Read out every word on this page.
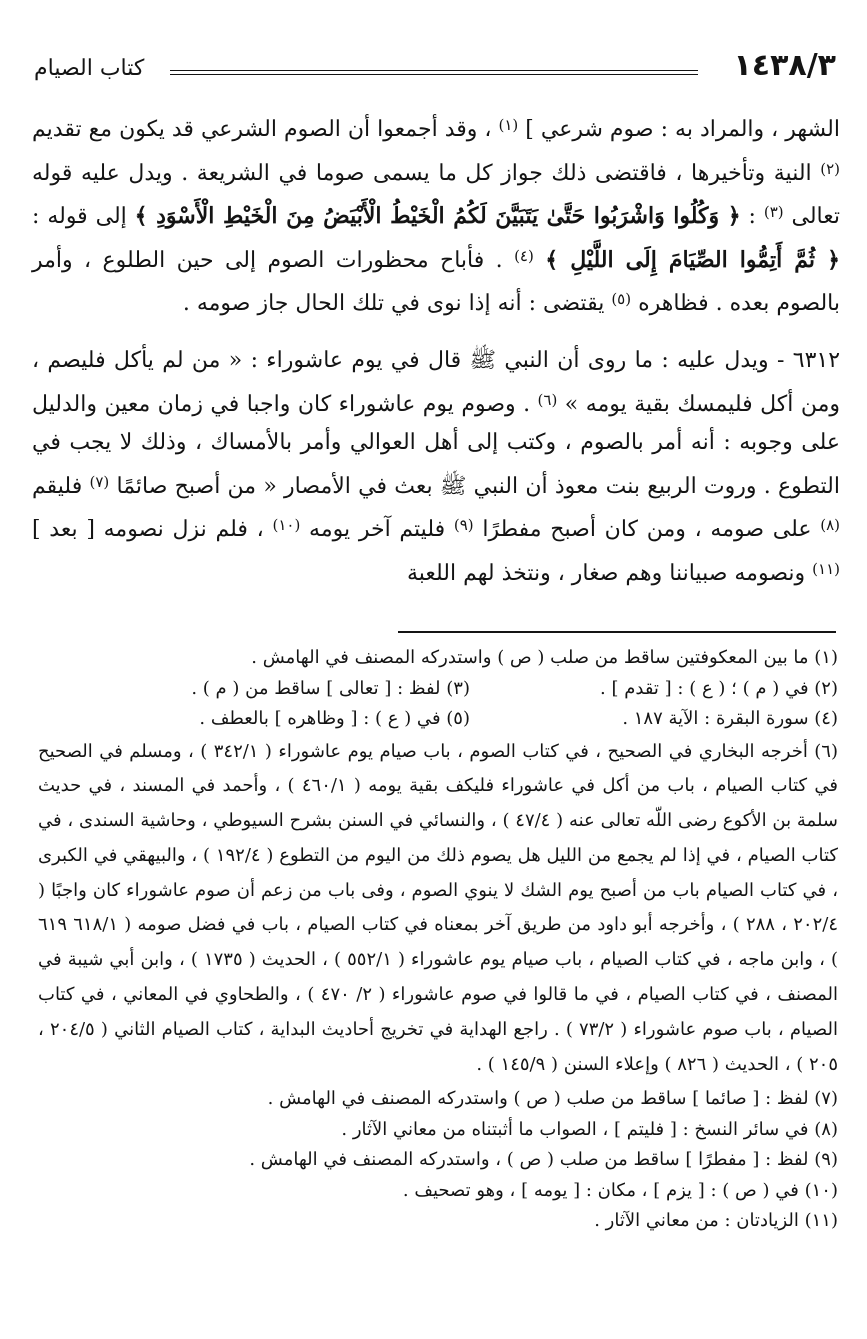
١٤٣٨/٣
كتاب الصيام

الشهر ، والمراد به : صوم شرعي ] $^{(١)}$ ، وقد أجمعوا أن الصوم الشرعي قد يكون مع تقديم $^{(٢)}$ النية وتأخيرها ، فاقتضى ذلك جواز كل ما يسمى صوما في الشريعة . ويدل عليه قوله تعالى $^{(٣)}$ : ﴿ وَكُلُوا وَاشْرَبُوا حَتَّىٰ يَتَبَيَّنَ لَكُمُ الْخَيْطُ الْأَبْيَضُ مِنَ الْخَيْطِ الْأَسْوَدِ ﴾ إلى قوله : ﴿ ثُمَّ أَتِمُّوا الصِّيَامَ إِلَى اللَّيْلِ ﴾ $^{(٤)}$ . فأباح محظورات الصوم إلى حين الطلوع ، وأمر بالصوم بعده . فظاهره $^{(٥)}$ يقتضى : أنه إذا نوى في تلك الحال جاز صومه .

٦٣١٢ - ويدل عليه : ما روى أن النبي ﷺ قال في يوم عاشوراء : « من لم يأكل فليصم ، ومن أكل فليمسك بقية يومه » $^{(٦)}$ . وصوم يوم عاشوراء كان واجبا في زمان معين والدليل على وجوبه : أنه أمر بالصوم ، وكتب إلى أهل العوالي وأمر بالأمساك ، وذلك لا يجب في التطوع . وروت الربيع بنت معوذ أن النبي ﷺ بعث في الأمصار « من أصبح صائمًا $^{(٧)}$ فليقم $^{(٨)}$ على صومه ، ومن كان أصبح مفطرًا $^{(٩)}$ فليتم آخر يومه $^{(١٠)}$ ، فلم نزل نصومه [ بعد ] $^{(١١)}$ ونصومه صبياننا وهم صغار ، ونتخذ لهم اللعبة

(١) ما بين المعكوفتين ساقط من صلب ( ص ) واستدركه المصنف في الهامش .

(٢) في ( م ) ؛ ( ع ) : [ تقدم ] .
(٣) لفظ : [ تعالى ] ساقط من ( م ) .
(٤) سورة البقرة : الآية ١٨٧ .
(٥) في ( ع ) : [ وظاهره ] بالعطف .

(٦) أخرجه البخاري في الصحيح ، في كتاب الصوم ، باب صيام يوم عاشوراء ( ٣٤٢/١ ) ، ومسلم في الصحيح في كتاب الصيام ، باب من أكل في عاشوراء فليكف بقية يومه ( ٤٦٠/١ ) ، وأحمد في المسند ، في حديث سلمة بن الأكوع رضى اللّه تعالى عنه ( ٤٧/٤ ) ، والنسائي في السنن بشرح السيوطي ، وحاشية السندى ، في كتاب الصيام ، في إذا لم يجمع من الليل هل يصوم ذلك من اليوم من التطوع ( ١٩٢/٤ ) ، والبيهقي في الكبرى ، في كتاب الصيام باب من أصبح يوم الشك لا ينوي الصوم ، وفى باب من زعم أن صوم عاشوراء كان واجبًا ( ٢٠٢/٤ ، ٢٨٨ ) ، وأخرجه أبو داود من طريق آخر بمعناه في كتاب الصيام ، باب في فضل صومه ( ٦١٨/١ ٦١٩ ) ، وابن ماجه ، في كتاب الصيام ، باب صيام يوم عاشوراء ( ٥٥٢/١ ) ، الحديث ( ١٧٣٥ ) ، وابن أبي شيبة في المصنف ، في كتاب الصيام ، في ما قالوا في صوم عاشوراء ( ٢/ ٤٧٠ ) ، والطحاوي في المعاني ، في كتاب الصيام ، باب صوم عاشوراء ( ٧٣/٢ ) . راجع الهداية في تخريج أحاديث البداية ، كتاب الصيام الثاني ( ٢٠٤/٥ ، ٢٠٥ ) ، الحديث ( ٨٢٦ ) وإعلاء السنن ( ١٤٥/٩ ) .

(٧) لفظ : [ صائما ] ساقط من صلب ( ص ) واستدركه المصنف في الهامش .

(٨) في سائر النسخ : [ فليتم ] ، الصواب ما أثبتناه من معاني الآثار .

(٩) لفظ : [ مفطرًا ] ساقط من صلب ( ص ) ، واستدركه المصنف في الهامش .

(١٠) في ( ص ) : [ يزم ] ، مكان : [ يومه ] ، وهو تصحيف .

(١١) الزيادتان : من معاني الآثار .
